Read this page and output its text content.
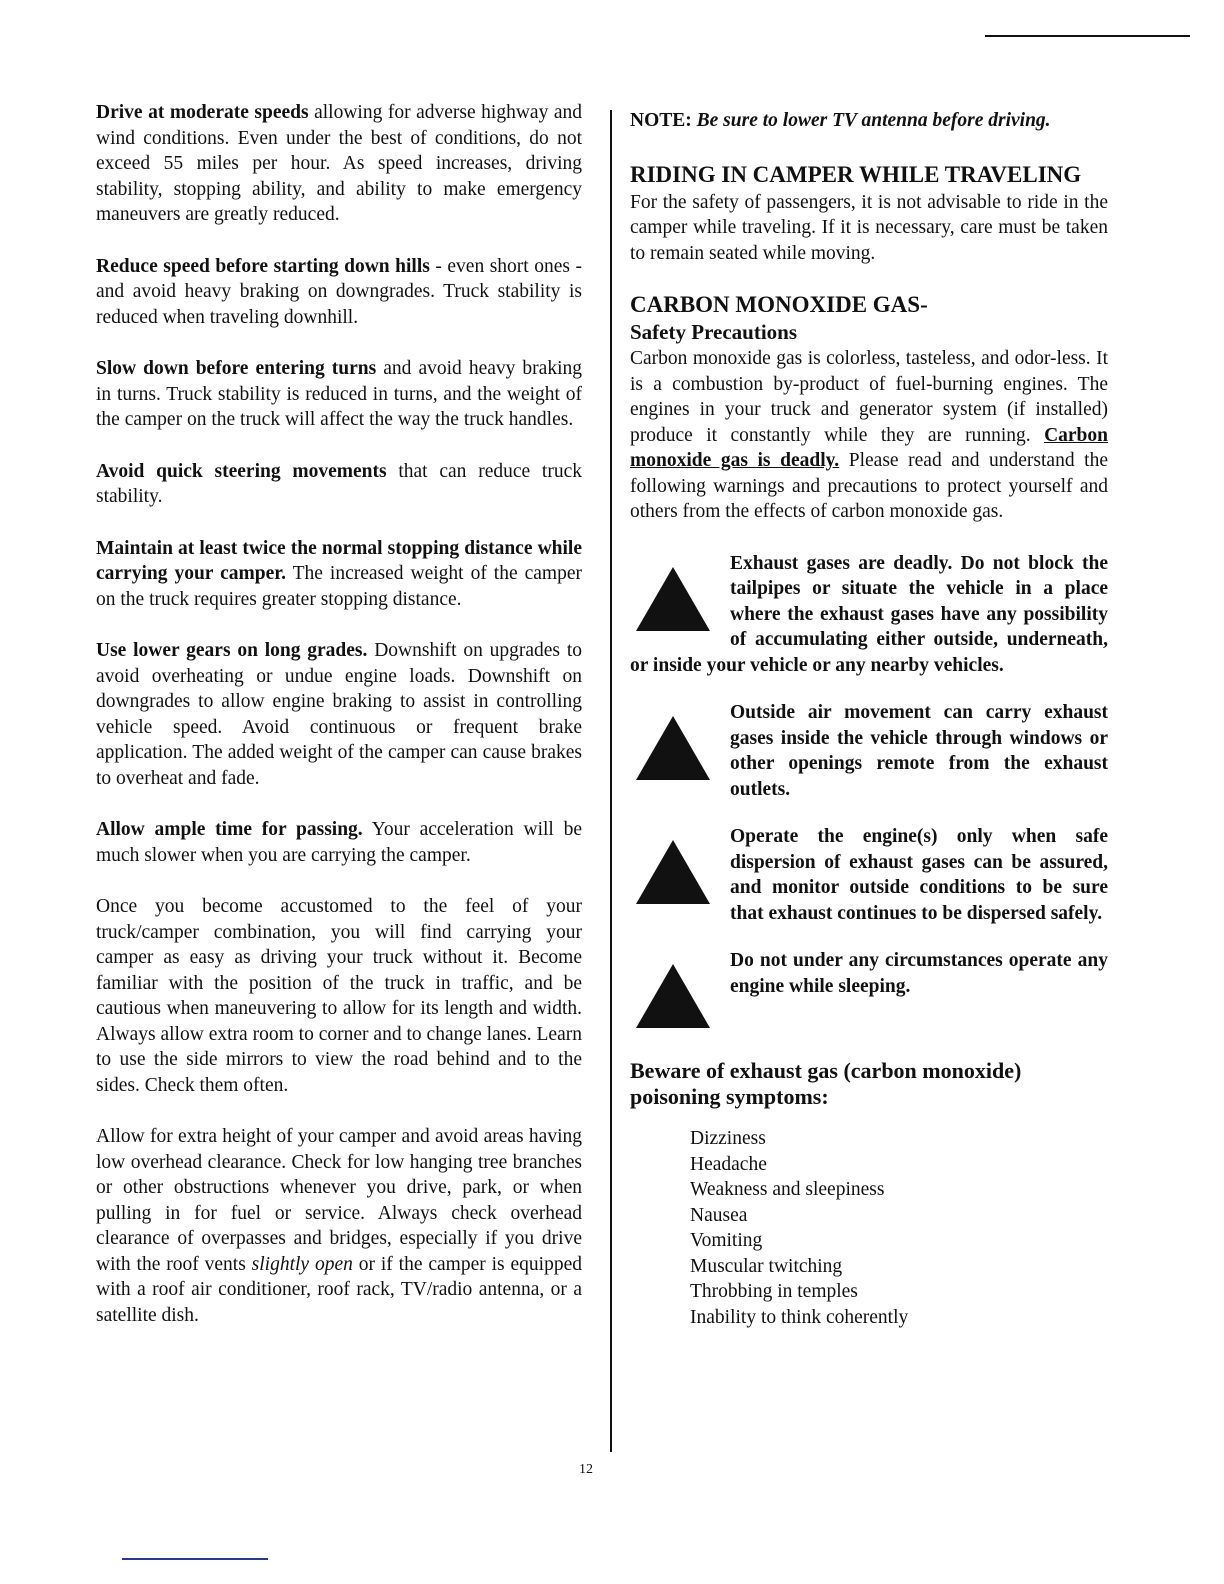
Drive at moderate speeds allowing for adverse highway and wind conditions. Even under the best of conditions, do not exceed 55 miles per hour. As speed increases, driving stability, stopping ability, and ability to make emergency maneuvers are greatly reduced.

Reduce speed before starting down hills - even short ones - and avoid heavy braking on downgrades. Truck stability is reduced when traveling downhill.

Slow down before entering turns and avoid heavy braking in turns. Truck stability is reduced in turns, and the weight of the camper on the truck will affect the way the truck handles.

Avoid quick steering movements that can reduce truck stability.

Maintain at least twice the normal stopping distance while carrying your camper. The increased weight of the camper on the truck requires greater stopping distance.

Use lower gears on long grades. Downshift on upgrades to avoid overheating or undue engine loads. Downshift on downgrades to allow engine braking to assist in controlling vehicle speed. Avoid continuous or frequent brake application. The added weight of the camper can cause brakes to overheat and fade.

Allow ample time for passing. Your acceleration will be much slower when you are carrying the camper.

Once you become accustomed to the feel of your truck/camper combination, you will find carrying your camper as easy as driving your truck without it. Become familiar with the position of the truck in traffic, and be cautious when maneuvering to allow for its length and width. Always allow extra room to corner and to change lanes. Learn to use the side mirrors to view the road behind and to the sides. Check them often.

Allow for extra height of your camper and avoid areas having low overhead clearance. Check for low hanging tree branches or other obstructions whenever you drive, park, or when pulling in for fuel or service. Always check overhead clearance of overpasses and bridges, especially if you drive with the roof vents slightly open or if the camper is equipped with a roof air conditioner, roof rack, TV/radio antenna, or a satellite dish.

NOTE: Be sure to lower TV antenna before driving.

RIDING IN CAMPER WHILE TRAVELING

For the safety of passengers, it is not advisable to ride in the camper while traveling. If it is necessary, care must be taken to remain seated while moving.

CARBON MONOXIDE GAS-
Safety Precautions

Carbon monoxide gas is colorless, tasteless, and odor-less. It is a combustion by-product of fuel-burning engines. The engines in your truck and generator system (if installed) produce it constantly while they are running. Carbon monoxide gas is deadly. Please read and understand the following warnings and precautions to protect yourself and others from the effects of carbon monoxide gas.

Exhaust gases are deadly. Do not block the tailpipes or situate the vehicle in a place where the exhaust gases have any possibility of accumulating either outside, underneath, or inside your vehicle or any nearby vehicles.
Outside air movement can carry exhaust gases inside the vehicle through windows or other openings remote from the exhaust outlets.
Operate the engine(s) only when safe dispersion of exhaust gases can be assured, and monitor outside conditions to be sure that exhaust continues to be dispersed safely.
Do not under any circumstances operate any engine while sleeping.
Beware of exhaust gas (carbon monoxide) poisoning symptoms:
Dizziness
Headache
Weakness and sleepiness
Nausea
Vomiting
Muscular twitching
Throbbing in temples
Inability to think coherently
12
